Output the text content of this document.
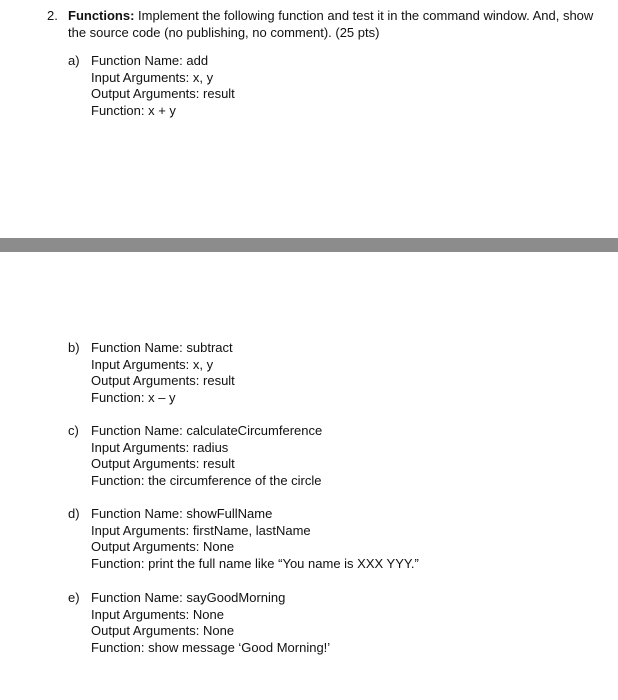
2. Functions: Implement the following function and test it in the command window. And, show the source code (no publishing, no comment). (25 pts)
a) Function Name: add
Input Arguments: x, y
Output Arguments: result
Function: x + y
b) Function Name: subtract
Input Arguments: x, y
Output Arguments: result
Function: x – y
c) Function Name: calculateCircumference
Input Arguments: radius
Output Arguments: result
Function: the circumference of the circle
d) Function Name: showFullName
Input Arguments: firstName, lastName
Output Arguments: None
Function: print the full name like “You name is XXX YYY.”
e) Function Name: sayGoodMorning
Input Arguments: None
Output Arguments: None
Function: show message ‘Good Morning!’
